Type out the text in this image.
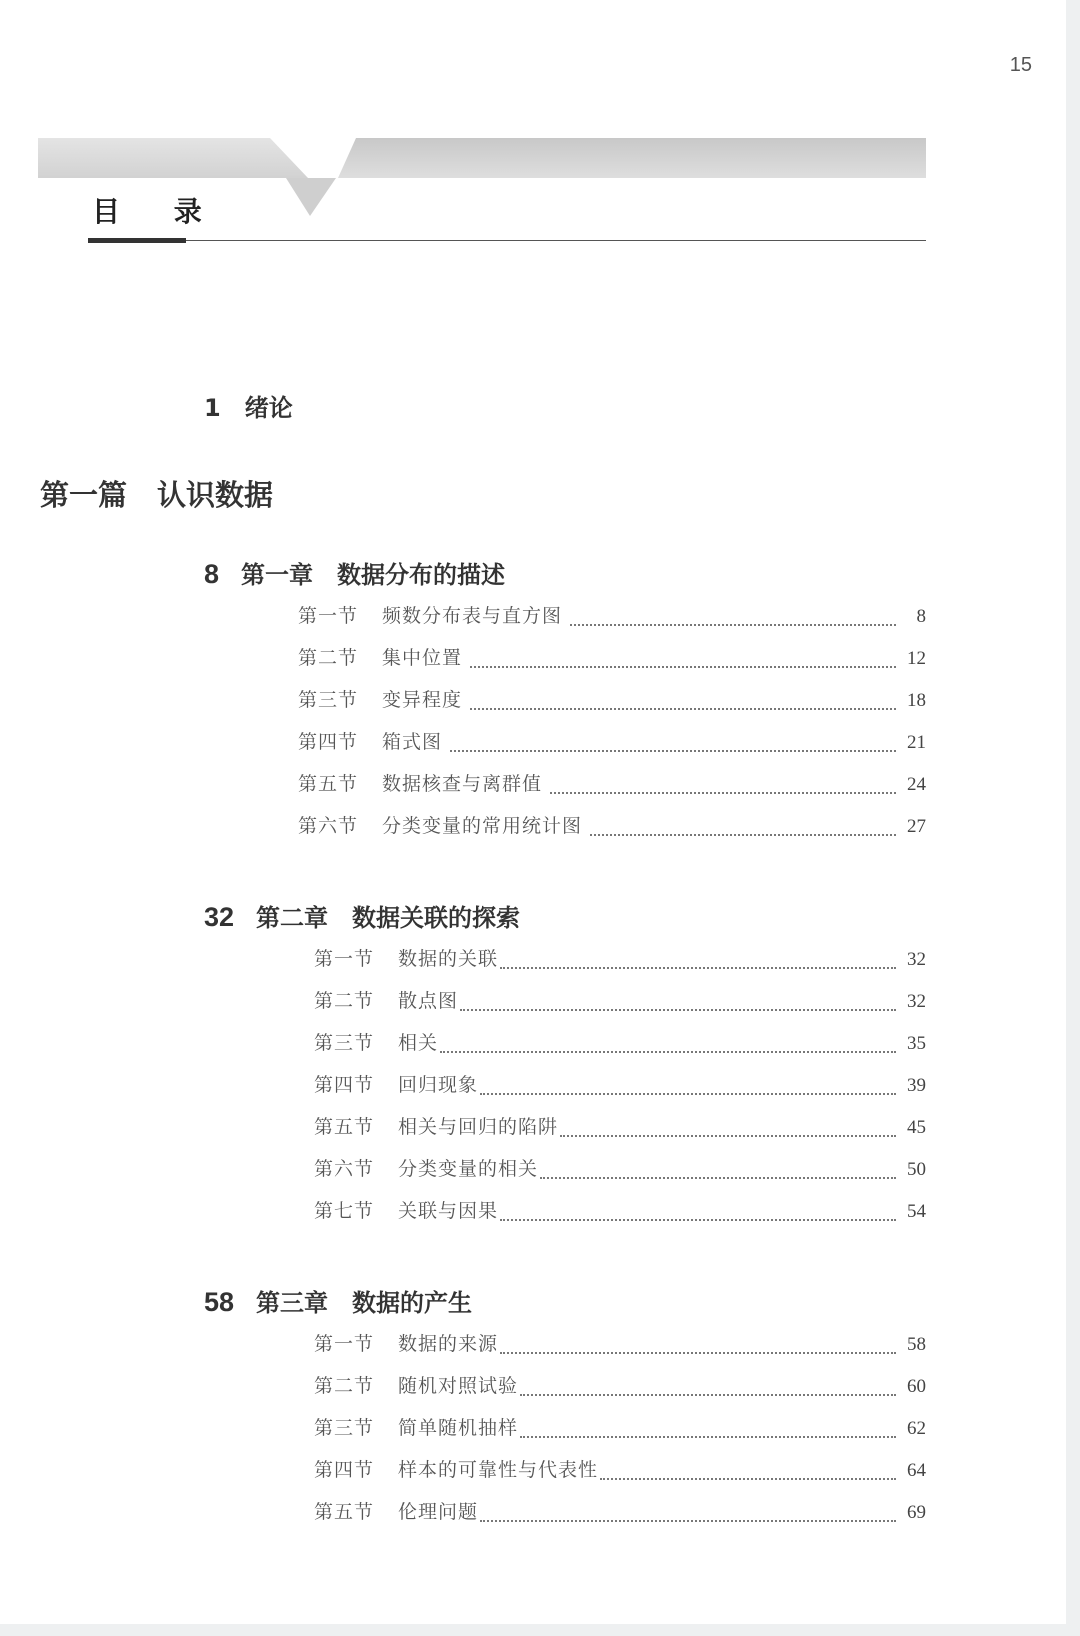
15
目 录
1 绪论
第一篇 认识数据
8 第一章 数据分布的描述
第一节	频数分布表与直方图	8
第二节	集中位置	12
第三节	变异程度	18
第四节	箱式图	21
第五节	数据核查与离群值	24
第六节	分类变量的常用统计图	27
32 第二章 数据关联的探索
第一节	数据的关联	32
第二节	散点图	32
第三节	相关	35
第四节	回归现象	39
第五节	相关与回归的陷阱	45
第六节	分类变量的相关	50
第七节	关联与因果	54
58 第三章 数据的产生
第一节	数据的来源	58
第二节	随机对照试验	60
第三节	简单随机抽样	62
第四节	样本的可靠性与代表性	64
第五节	伦理问题	69
